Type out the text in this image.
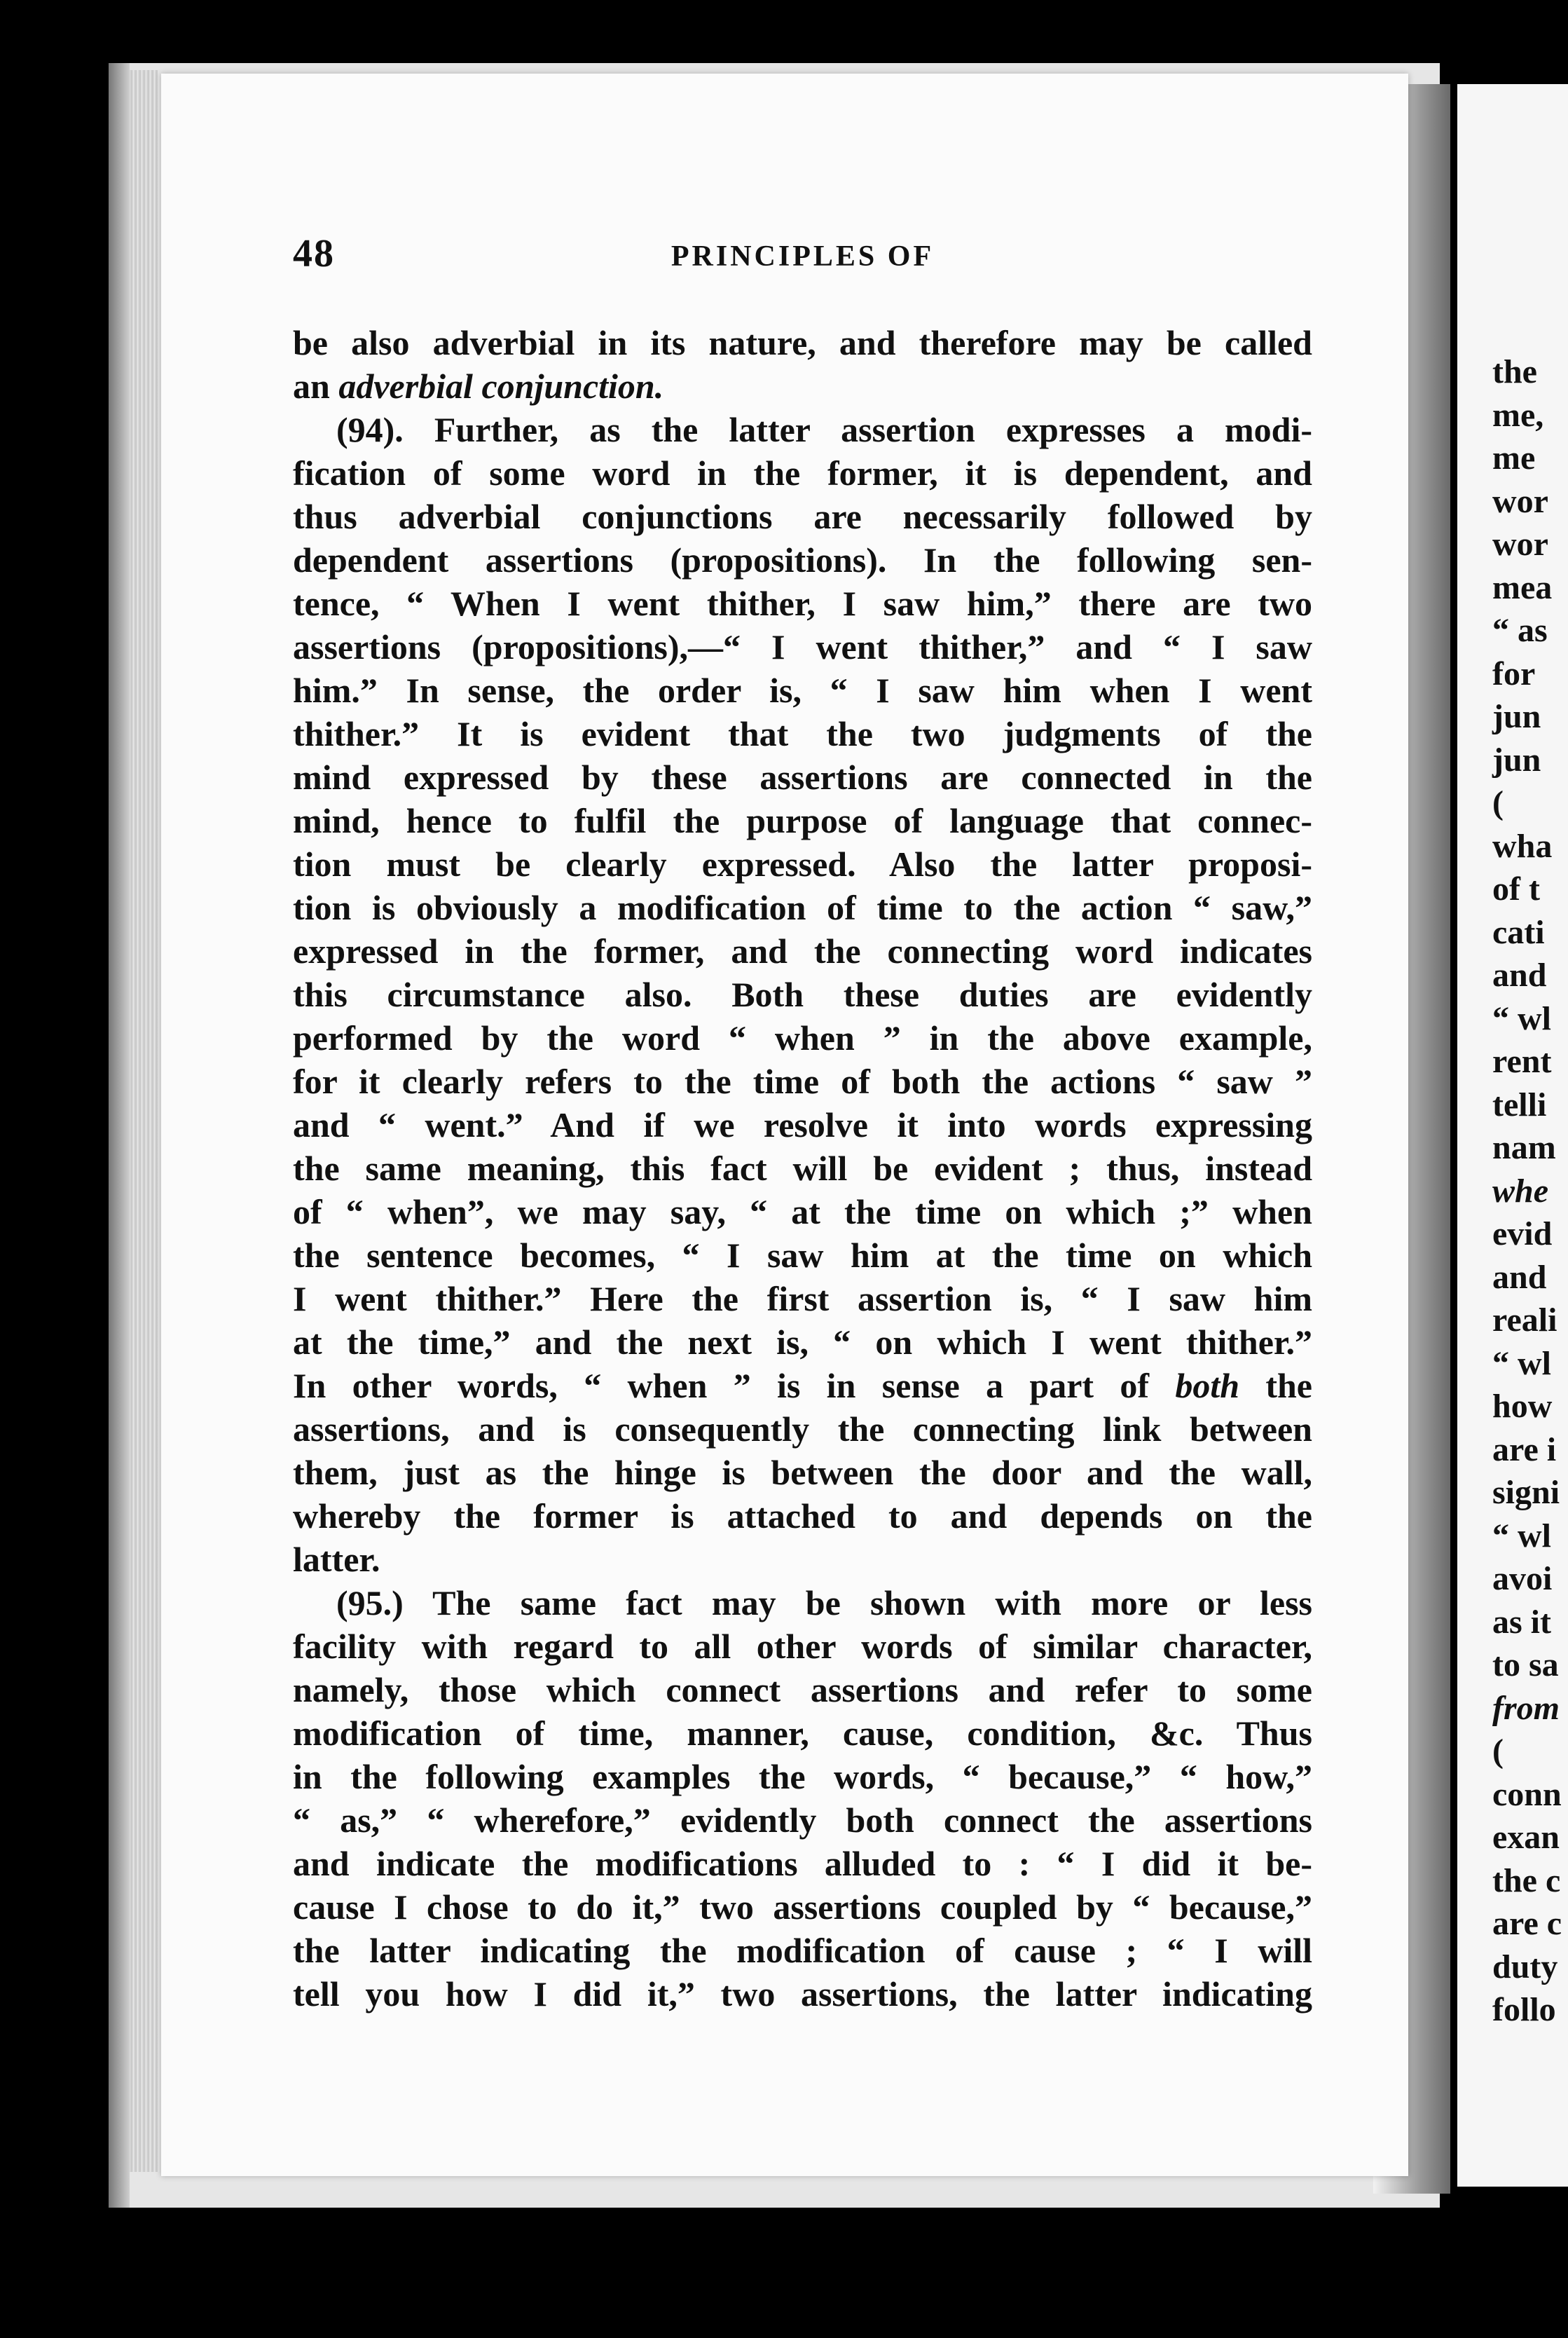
the
me,
me
wor
wor
mea
“ as
for
jun
jun
(
wha
of t
cati
and
“ wl
rent
telli
nam
whe
evid
and
reali
“ wl
how
are i
signi
“ wl
avoi
as it
to sa
from
(
conn
exan
the c
are c
duty
follo
48	PRINCIPLES OF
be also adverbial in its nature, and therefore may be called
an adverbial conjunction.
(94). Further, as the latter assertion expresses a modi-
fication of some word in the former, it is dependent, and
thus adverbial conjunctions are necessarily followed by
dependent assertions (propositions). In the following sen-
tence, “ When I went thither, I saw him,” there are two
assertions (propositions),—“ I went thither,” and “ I saw
him.” In sense, the order is, “ I saw him when I went
thither.” It is evident that the two judgments of the
mind expressed by these assertions are connected in the
mind, hence to fulfil the purpose of language that connec-
tion must be clearly expressed. Also the latter proposi-
tion is obviously a modification of time to the action “ saw,”
expressed in the former, and the connecting word indicates
this circumstance also. Both these duties are evidently
performed by the word “ when ” in the above example,
for it clearly refers to the time of both the actions “ saw ”
and “ went.” And if we resolve it into words expressing
the same meaning, this fact will be evident ; thus, instead
of “ when”, we may say, “ at the time on which ;” when
the sentence becomes, “ I saw him at the time on which
I went thither.” Here the first assertion is, “ I saw him
at the time,” and the next is, “ on which I went thither.”
In other words, “ when ” is in sense a part of both the
assertions, and is consequently the connecting link between
them, just as the hinge is between the door and the wall,
whereby the former is attached to and depends on the
latter.
(95.) The same fact may be shown with more or less
facility with regard to all other words of similar character,
namely, those which connect assertions and refer to some
modification of time, manner, cause, condition, &c. Thus
in the following examples the words, “ because,” “ how,”
“ as,” “ wherefore,” evidently both connect the assertions
and indicate the modifications alluded to : “ I did it be-
cause I chose to do it,” two assertions coupled by “ because,”
the latter indicating the modification of cause ; “ I will
tell you how I did it,” two assertions, the latter indicating
